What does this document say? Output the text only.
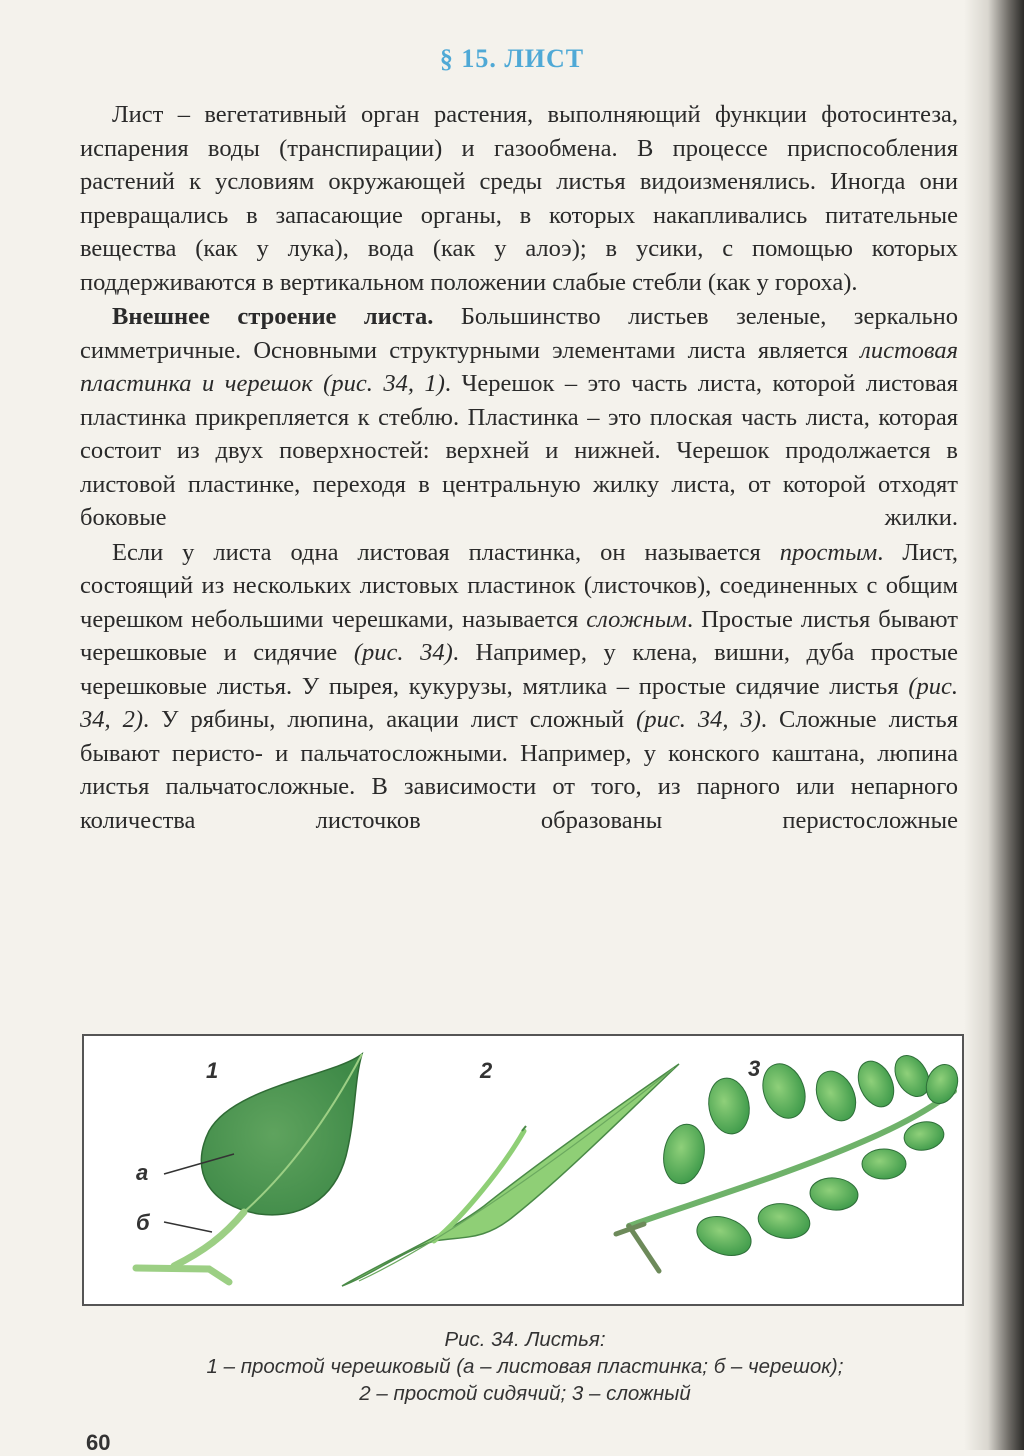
§ 15. ЛИСТ

Лист – вегетативный орган растения, выполняющий функции фотосинтеза, испарения воды (транспирации) и газообмена. В процессе приспособления растений к условиям окружающей среды листья видоизменялись. Иногда они превращались в запасающие органы, в которых накапливались питательные вещества (как у лука), вода (как у алоэ); в усики, с помощью которых поддерживаются в вертикальном положении слабые стебли (как у гороха).

Внешнее строение листа. Большинство листьев зеленые, зеркально симметричные. Основными структурными элементами листа является листовая пластинка и черешок (рис. 34, 1). Черешок – это часть листа, которой листовая пластинка прикрепляется к стеблю. Пластинка – это плоская часть листа, которая состоит из двух поверхностей: верхней и нижней. Черешок продолжается в листовой пластинке, переходя в центральную жилку листа, от которой отходят боковые жилки.

Если у листа одна листовая пластинка, он называется простым. Лист, состоящий из нескольких листовых пластинок (листочков), соединенных с общим черешком небольшими черешками, называется сложным. Простые листья бывают черешковые и сидячие (рис. 34). Например, у клена, вишни, дуба простые черешковые листья. У пырея, кукурузы, мятлика – простые сидячие листья (рис. 34, 2). У рябины, люпина, акации лист сложный (рис. 34, 3). Сложные листья бывают перисто- и пальчатосложными. Например, у конского каштана, люпина листья пальчатосложные. В зависимости от того, из парного или непарного количества листочков образованы перистосложные

1
а
б
2	3
Рис. 34. Листья:
1 – простой черешковый (а – листовая пластинка; б – черешок);
2 – простой сидячий; 3 – сложный
60
